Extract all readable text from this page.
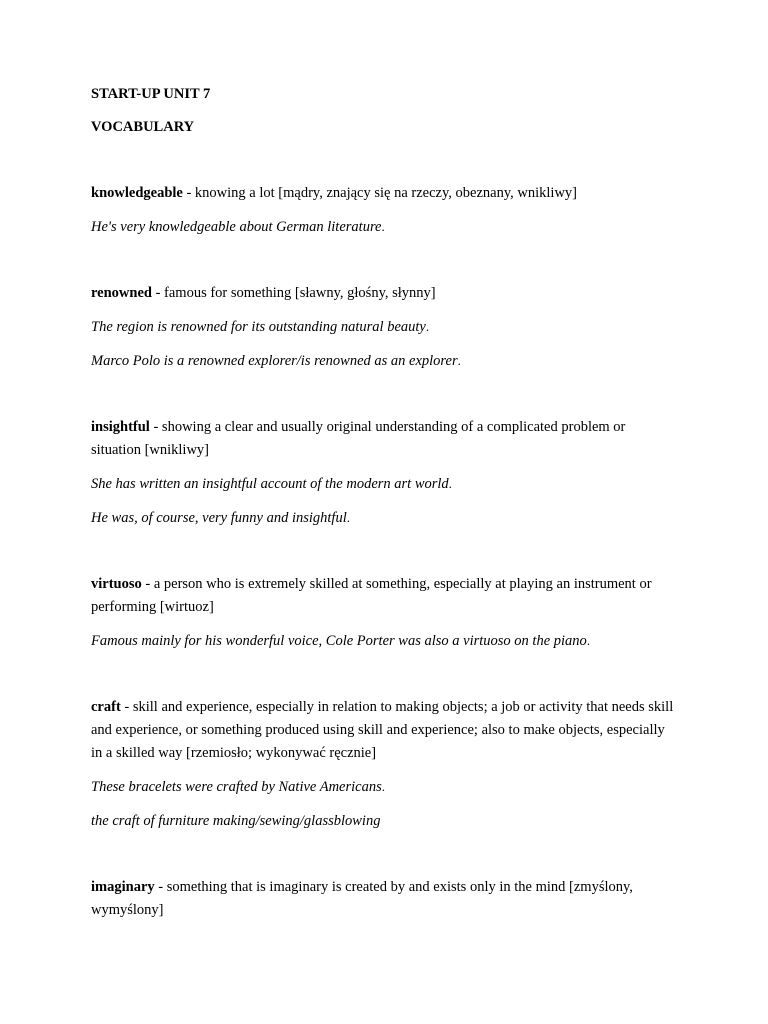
START-UP UNIT 7

VOCABULARY

knowledgeable - knowing a lot [mądry, znający się na rzeczy, obeznany, wnikliwy]

He's very knowledgeable about German literature.

renowned - famous for something [sławny, głośny, słynny]

The region is renowned for its outstanding natural beauty.

Marco Polo is a renowned explorer/is renowned as an explorer.

insightful - showing a clear and usually original understanding of a complicated problem or situation [wnikliwy]

She has written an insightful account of the modern art world.

He was, of course, very funny and insightful.

virtuoso - a person who is extremely skilled at something, especially at playing an instrument or performing [wirtuoz]

Famous mainly for his wonderful voice, Cole Porter was also a virtuoso on the piano.

craft - skill and experience, especially in relation to making objects; a job or activity that needs skill and experience, or something produced using skill and experience; also to make objects, especially in a skilled way [rzemiosło; wykonywać ręcznie]

These bracelets were crafted by Native Americans.

the craft of furniture making/sewing/glassblowing

imaginary - something that is imaginary is created by and exists only in the mind [zmyślony, wymyślony]
